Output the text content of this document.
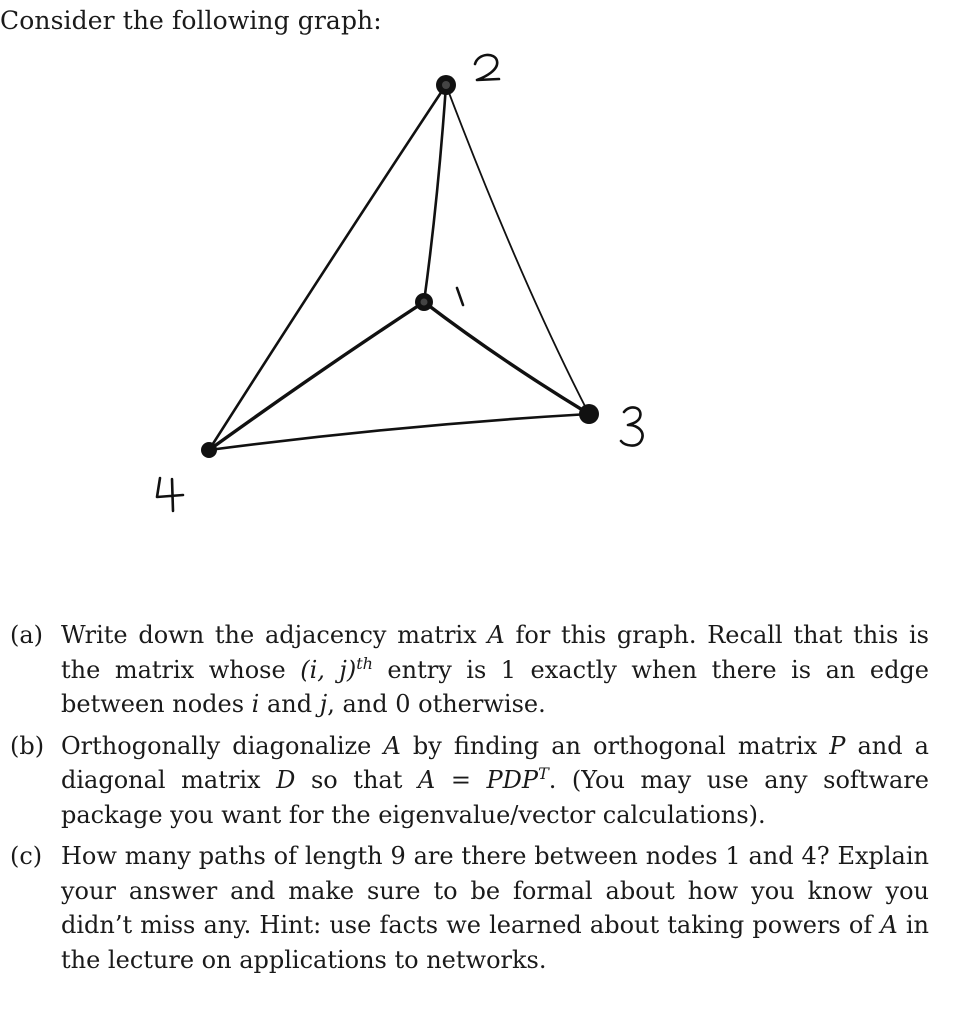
Consider the following graph:
(a) Write down the adjacency matrix A for this graph. Recall that this is the matrix whose (i, j)$^{th}$ entry is 1 exactly when there is an edge between nodes i and j, and 0 otherwise.
(b) Orthogonally diagonalize A by finding an orthogonal matrix P and a diagonal matrix D so that $A = PDP^T$. (You may use any software package you want for the eigenvalue/vector calculations).
(c) How many paths of length 9 are there between nodes 1 and 4? Explain your answer and make sure to be formal about how you know you didn’t miss any. Hint: use facts we learned about taking powers of A in the lecture on applications to networks.
